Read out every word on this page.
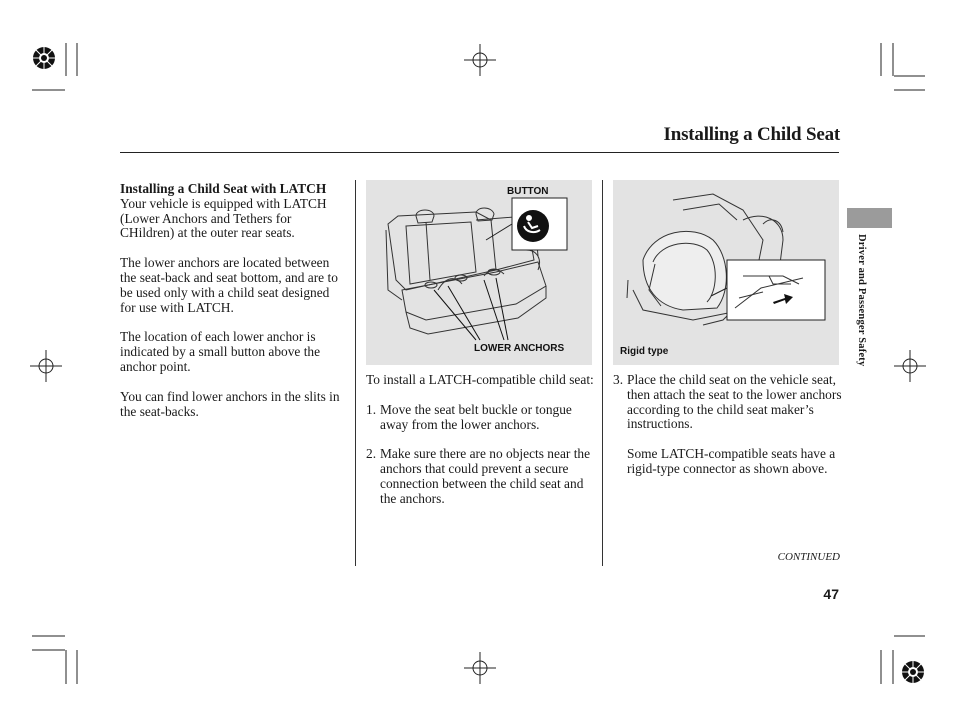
Installing a Child Seat
Installing a Child Seat with LATCH

Your vehicle is equipped with LATCH (Lower Anchors and Tethers for CHildren) at the outer rear seats.

The lower anchors are located between the seat-back and seat bottom, and are to be used only with a child seat designed for use with LATCH.

The location of each lower anchor is indicated by a small button above the anchor point.

You can find lower anchors in the slits in the seat-backs.

BUTTON
LOWER ANCHORS	Rigid type

To install a LATCH-compatible child seat:

1. Move the seat belt buckle or tongue away from the lower anchors.
2. Make sure there are no objects near the anchors that could prevent a secure connection between the child seat and the anchors.
3. Place the child seat on the vehicle seat, then attach the seat to the lower anchors according to the child seat maker’s instructions.
Some LATCH-compatible seats have a rigid-type connector as shown above.
Driver and Passenger Safety
CONTINUED
47
